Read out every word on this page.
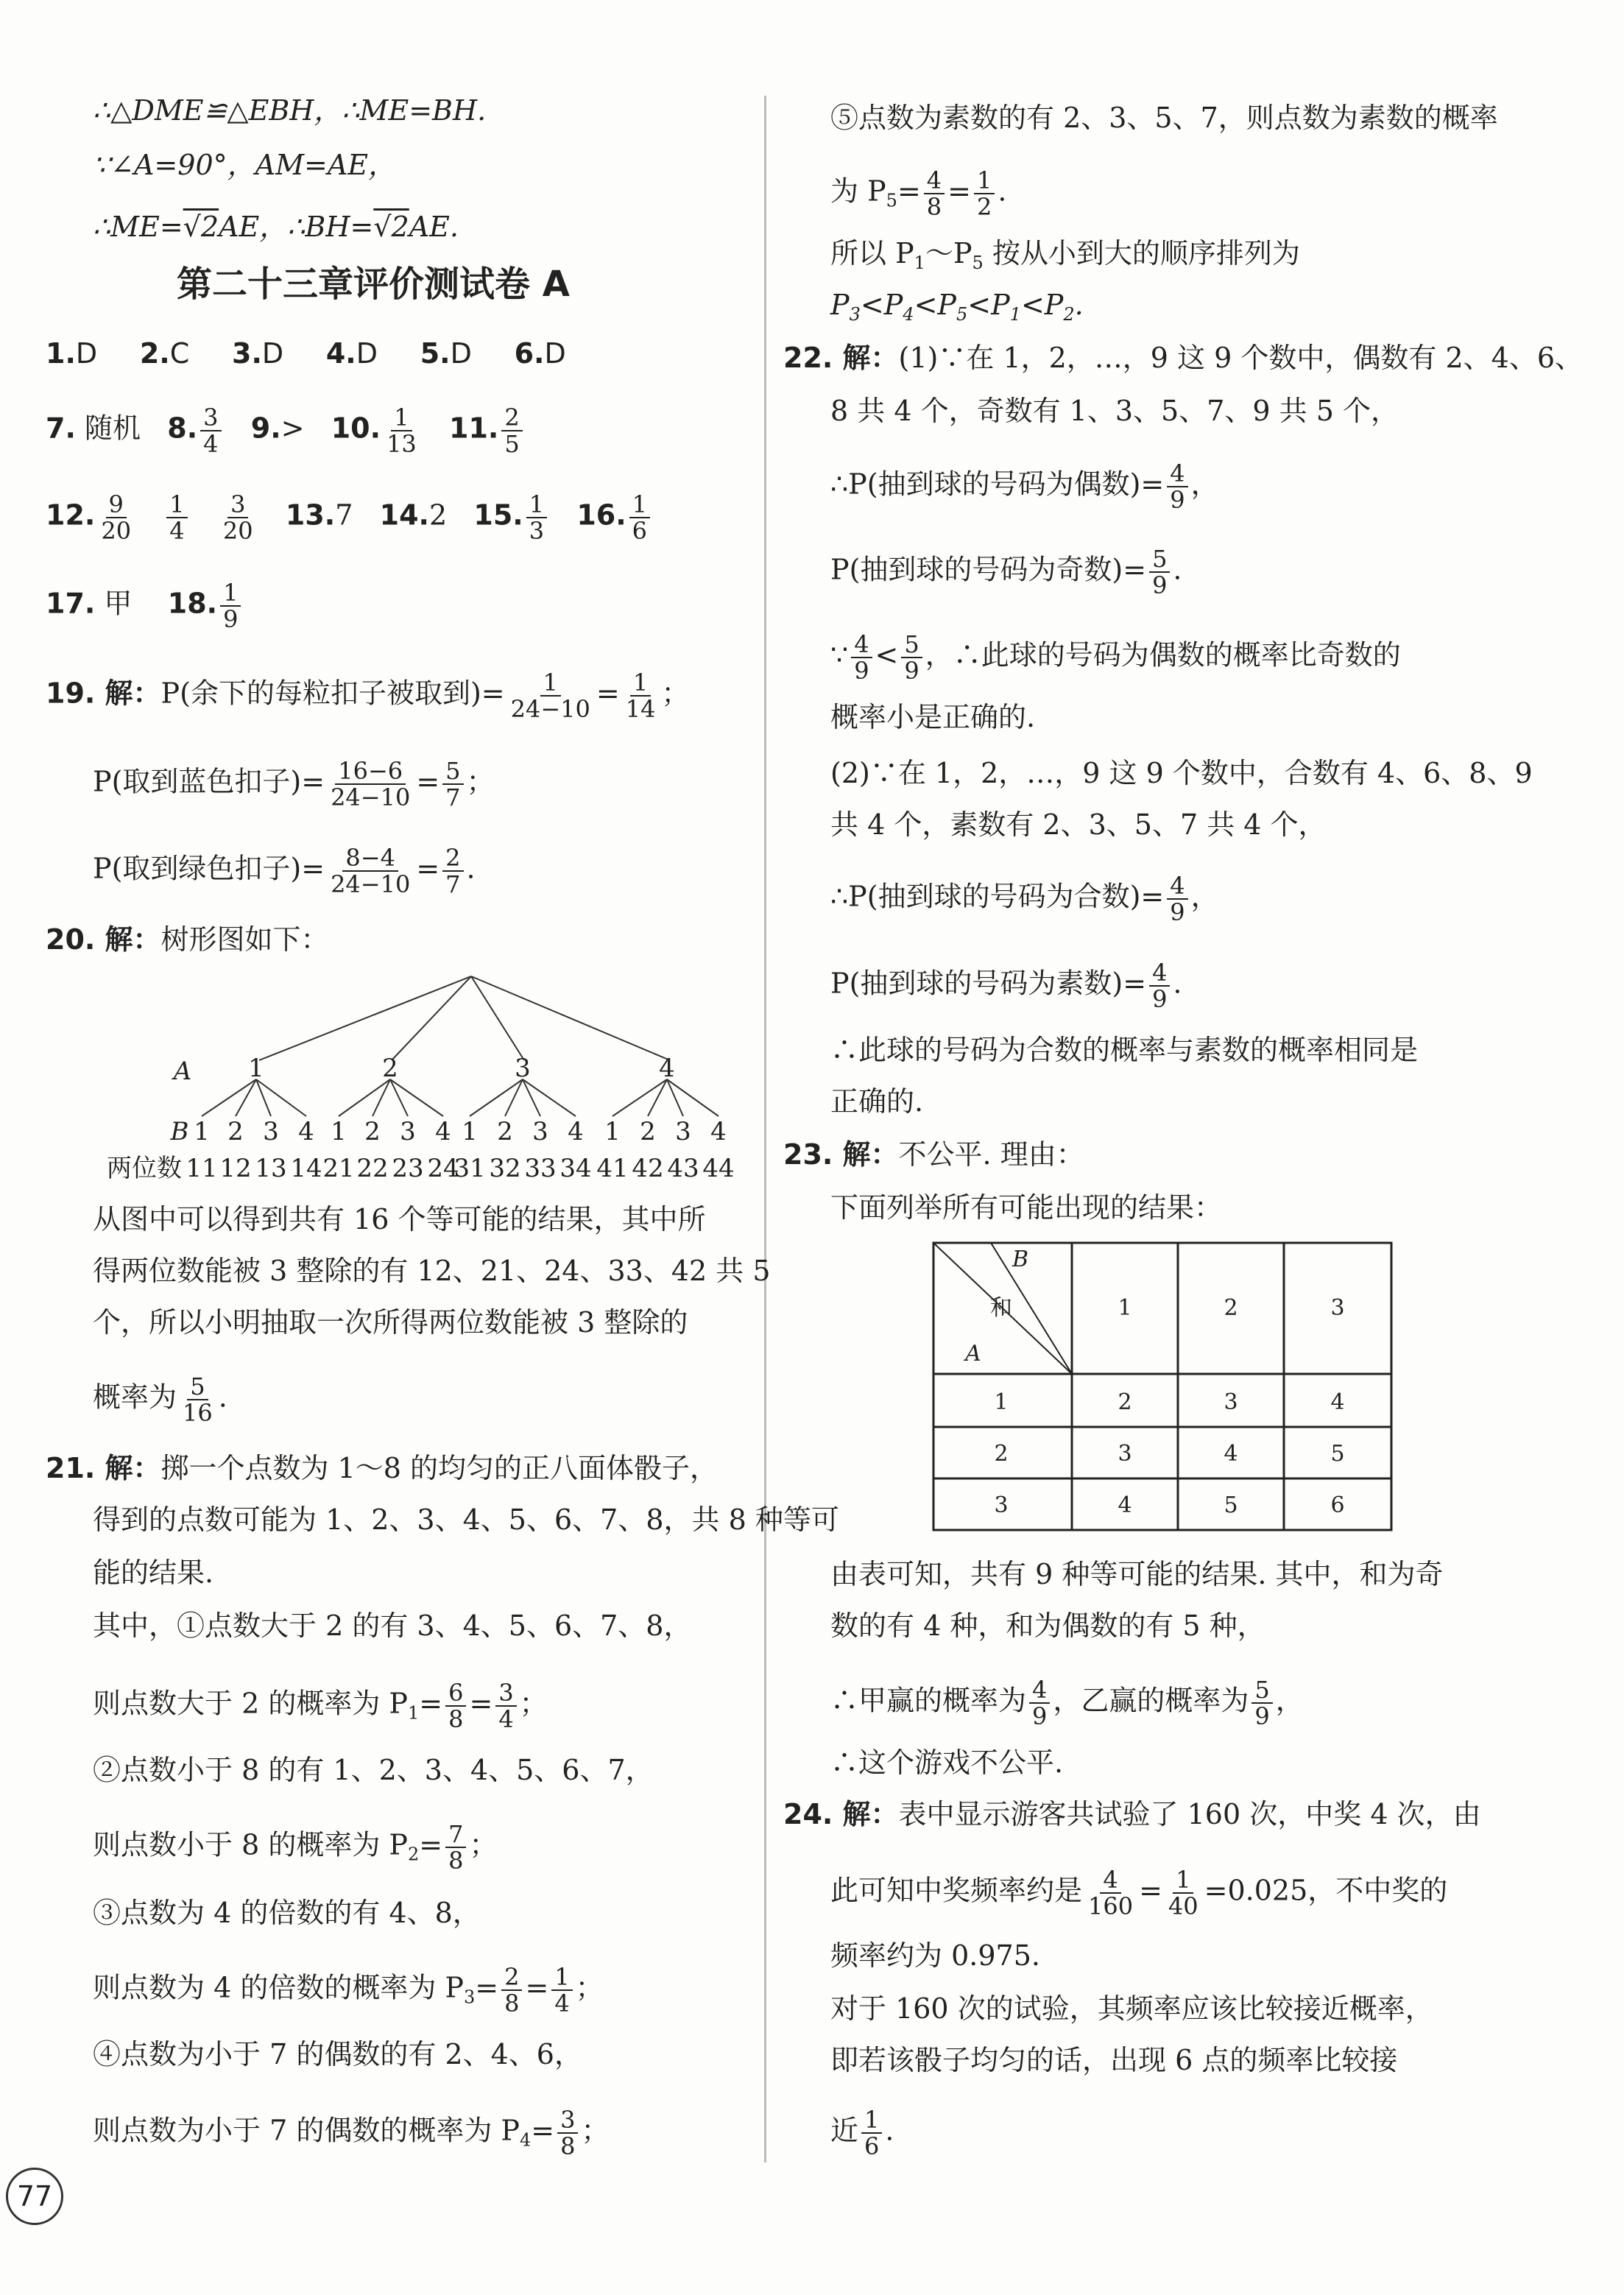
∴△DME≌△EBH，∴ME=BH.
∵∠A=90°，AM=AE，
∴ME=√2AE，∴BH=√2AE.
第二十三章评价测试卷 A
1.D 2.C 3.D 4.D 5.D 6.D
7. 随机 8. $\frac{3}{4} 9.> 10$. $\frac{1}{13} 11$. $\frac{2}{5}$
12. $\frac{9}{20}$
$\frac{1}{4}$
$\frac{3}{20} 13.7$ 14.2 15. $\frac{1}{3} 16$. $\frac{1}{6}$
17. 甲 18. $\frac{1}{9}$
19. 解：P(余下的每粒扣子被取到)= $\frac{1}{24-10} = \frac{1}{14}$ ；
P(取到蓝色扣子)= $\frac{16-6}{24-10} = \frac{5}{7}$ ；
P(取到绿色扣子)= $\frac{8-4}{24-10} = \frac{2}{7}$ .
20. 解：树形图如下：
A 1	2	3	4
B 1 2 3 4 1 2 3 4 1 2 3 4 1 2 3 4
两位数 11 12 13 14 21 22 23 24
31 32 33 34 41 42 43 44
从图中可以得到共有 16 个等可能的结果，其中所
得两位数能被 3 整除的有 12、21、24、33、42 共 5
个，所以小明抽取一次所得两位数能被 3 整除的
概率为 $\frac{5}{16}$ .
21. 解：掷一个点数为 1～8 的均匀的正八面体骰子，
得到的点数可能为 1、2、3、4、5、6、7、8，共 8 种等可
能的结果.
其中，①点数大于 2 的有 3、4、5、6、7、8，
则点数大于 2 的概率为 $P_1= \frac{6}{8} = \frac{3}{4}$ ；
②点数小于 8 的有 1、2、3、4、5、6、7，
则点数小于 8 的概率为 $P_2= \frac{7}{8}$ ；
③点数为 4 的倍数的有 4、8，
则点数为 4 的倍数的概率为 $P_3= \frac{2}{8} = \frac{1}{4}$ ；
④点数为小于 7 的偶数的有 2、4、6，
则点数为小于 7 的偶数的概率为 $P_4= \frac{3}{8}$ ；
77
⑤点数为素数的有 2、3、5、7，则点数为素数的概率
为 $P_5= \frac{4}{8} = \frac{1}{2}$ .
所以 $P_1\sim P_5$ 按从小到大的顺序排列为
$P_3<P_4<P_5<P_1<P_2$.
22. 解：(1)∵在 1，2，…，9 这 9 个数中，偶数有 2、4、6、
8 共 4 个，奇数有 1、3、5、7、9 共 5 个，
∴P(抽到球的号码为偶数)= $\frac{4}{9}$ ，
P(抽到球的号码为奇数)= $\frac{5}{9}$ .
∵ $\frac{4}{9} < \frac{5}{9}$ ，∴此球的号码为偶数的概率比奇数的
概率小是正确的.
(2)∵在 1，2，…，9 这 9 个数中，合数有 4、6、8、9
共 4 个，素数有 2、3、5、7 共 4 个，
∴P(抽到球的号码为合数)= $\frac{4}{9}$ ，
P(抽到球的号码为素数)= $\frac{4}{9}$ .
∴此球的号码为合数的概率与素数的概率相同是
正确的.
23. 解：不公平. 理由：
下面列举所有可能出现的结果：
B
和
A
1	2	3
1	2	3	4
2	3	4	5
3	4	5	6
由表可知，共有 9 种等可能的结果. 其中，和为奇
数的有 4 种，和为偶数的有 5 种，
∴甲赢的概率为 $\frac{4}{9}$ ，乙赢的概率为 $\frac{5}{9}$ ，
∴这个游戏不公平.
24. 解：表中显示游客共试验了 160 次，中奖 4 次，由
此可知中奖频率约是 $\frac{4}{160} = \frac{1}{40} =0.025$，不中奖的
频率约为 0.975.
对于 160 次的试验，其频率应该比较接近概率，
即若该骰子均匀的话，出现 6 点的频率比较接
近 $\frac{1}{6}$ .
